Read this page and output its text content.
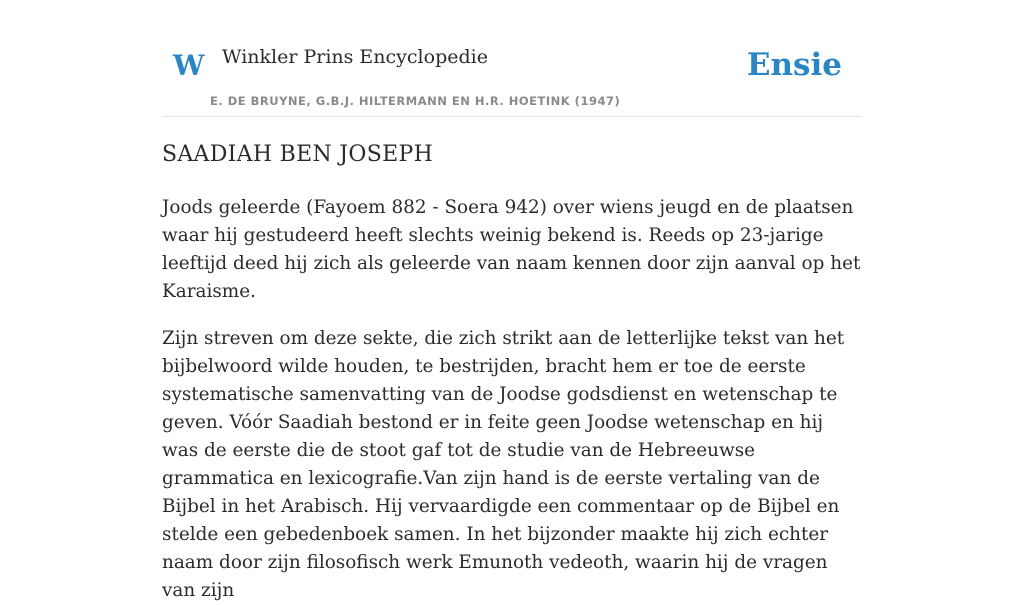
W Winkler Prins Encyclopedie
E. DE BRUYNE, G.B.J. HILTERMANN EN H.R. HOETINK (1947)
Ensie
SAADIAH BEN JOSEPH

Joods geleerde (Fayoem 882 - Soera 942) over wiens jeugd en de plaatsen waar hij gestudeerd heeft slechts weinig bekend is. Reeds op 23-jarige leeftijd deed hij zich als geleerde van naam kennen door zijn aanval op het Karaisme.

Zijn streven om deze sekte, die zich strikt aan de letterlijke tekst van het bijbelwoord wilde houden, te bestrijden, bracht hem er toe de eerste systematische samenvatting van de Joodse godsdienst en wetenschap te geven. Vóór Saadiah bestond er in feite geen Joodse wetenschap en hij was de eerste die de stoot gaf tot de studie van de Hebreeuwse grammatica en lexicografie.Van zijn hand is de eerste vertaling van de Bijbel in het Arabisch. Hij vervaardigde een commentaar op de Bijbel en stelde een gebedenboek samen. In het bijzonder maakte hij zich echter naam door zijn filosofisch werk Emunoth vedeoth, waarin hij de vragen van zijn
